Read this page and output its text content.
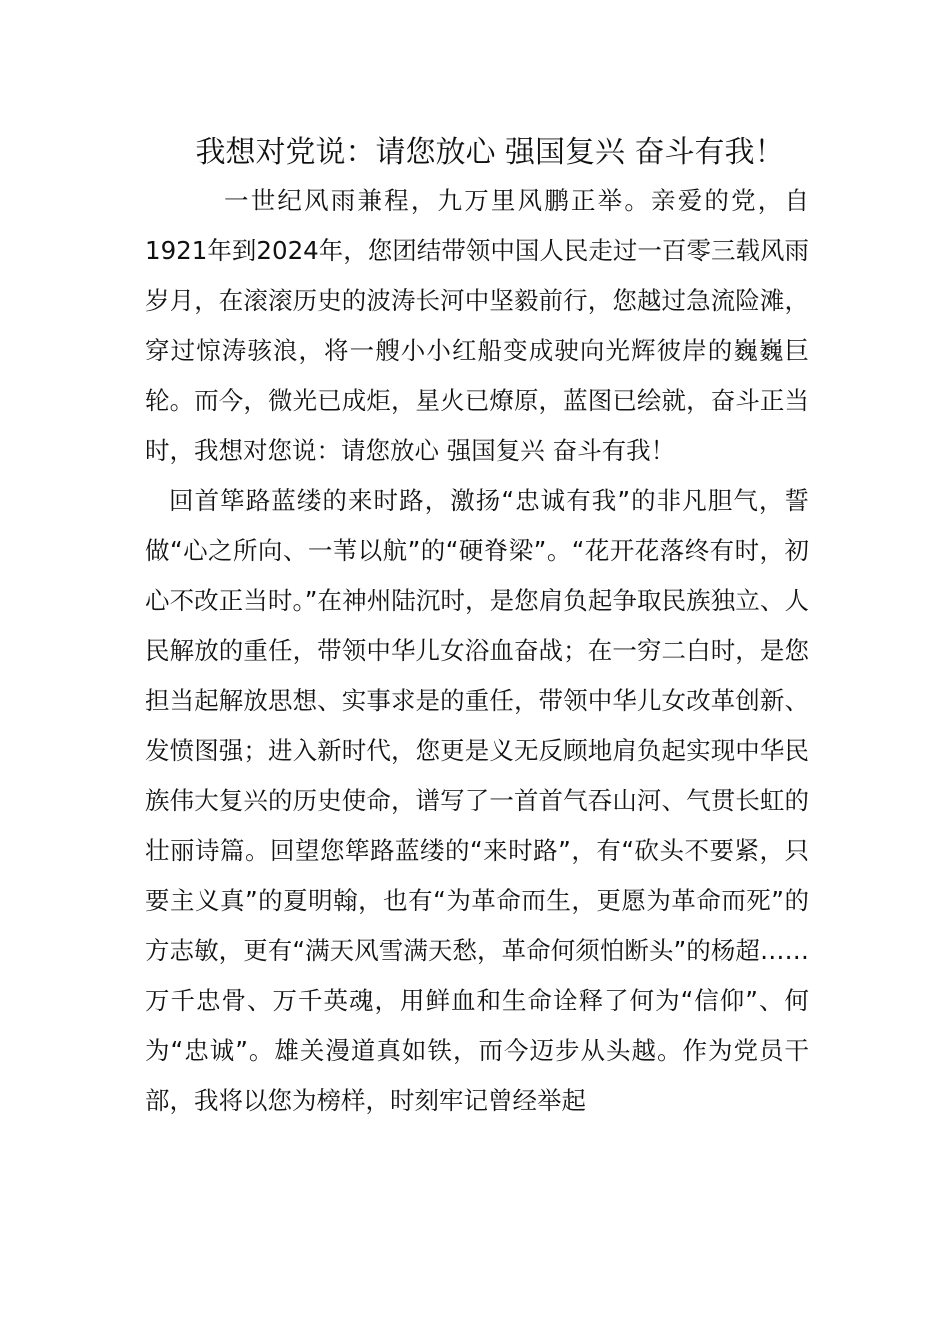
我想对党说：请您放心 强国复兴 奋斗有我！

一世纪风雨兼程，九万里风鹏正举。亲爱的党，自1921年到2024年，您团结带领中国人民走过一百零三载风雨岁月，在滚滚历史的波涛长河中坚毅前行，您越过急流险滩，穿过惊涛骇浪，将一艘小小红船变成驶向光辉彼岸的巍巍巨轮。而今，微光已成炬，星火已燎原，蓝图已绘就，奋斗正当时，我想对您说：请您放心 强国复兴 奋斗有我！

回首筚路蓝缕的来时路，激扬“忠诚有我”的非凡胆气，誓做“心之所向、一苇以航”的“硬脊梁”。“花开花落终有时，初心不改正当时。”在神州陆沉时，是您肩负起争取民族独立、人民解放的重任，带领中华儿女浴血奋战；在一穷二白时，是您担当起解放思想、实事求是的重任，带领中华儿女改革创新、发愤图强；进入新时代，您更是义无反顾地肩负起实现中华民族伟大复兴的历史使命，谱写了一首首气吞山河、气贯长虹的壮丽诗篇。回望您筚路蓝缕的“来时路”，有“砍头不要紧，只要主义真”的夏明翰，也有“为革命而生，更愿为革命而死”的方志敏，更有“满天风雪满天愁，革命何须怕断头”的杨超……万千忠骨、万千英魂，用鲜血和生命诠释了何为“信仰”、何为“忠诚”。雄关漫道真如铁，而今迈步从头越。作为党员干部，我将以您为榜样，时刻牢记曾经举起
